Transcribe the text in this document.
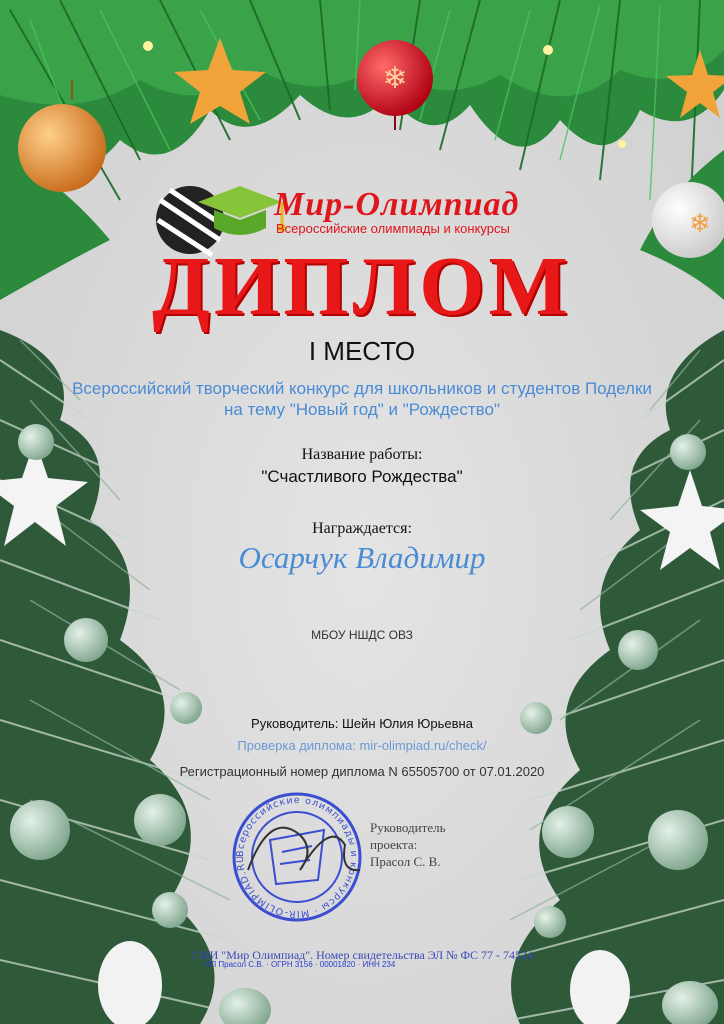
❄
❄
Всероссийские олимпиады и конкурсы · MIR-OLIMPIAD.RU
Мир-Олимпиад
Всероссийские олимпиады и конкурсы
ДИПЛОМ
I МЕСТО
Всероссийский творческий конкурс для школьников и студентов Поделки
на тему "Новый год" и "Рождество"
Название работы:
"Счастливого Рождества"
Награждается:
Осарчук Владимир
МБОУ НШДС ОВЗ
Руководитель: Шейн Юлия Юрьевна
Проверка диплома: mir-olimpiad.ru/check/
Регистрационный номер диплома N 65505700 от 07.01.2020
Руководитель
проекта:
Прасол С. В.
ИП Прасол С.В. · ОГРН 3156 · 00001820 · ИНН 234
СМИ "Мир Олимпиад". Номер свидетельства ЭЛ № ФС 77 - 74524
